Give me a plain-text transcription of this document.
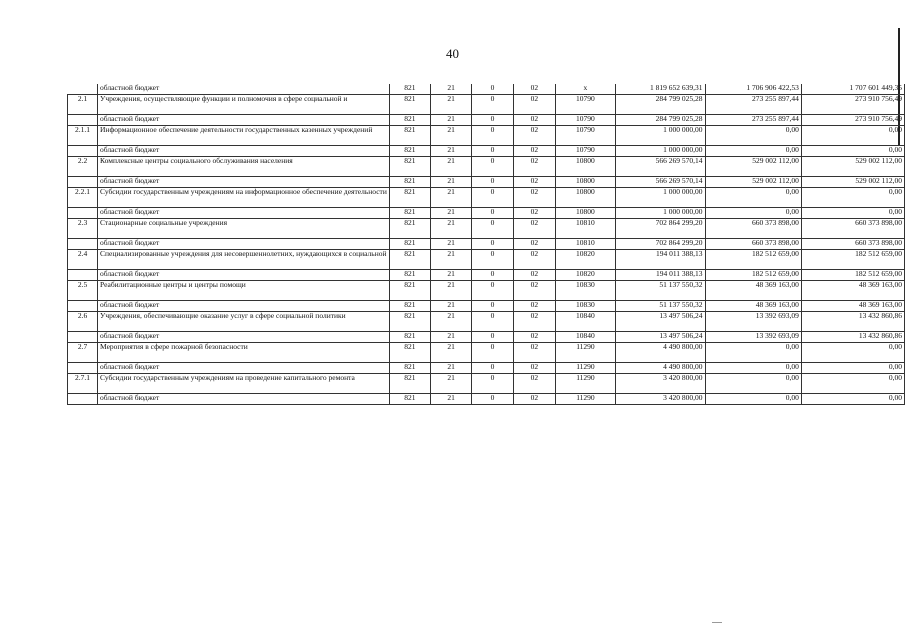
40
	областной бюджет	821	21	0	02	х	1 819 652 639,31	1 706 906 422,53	1 707 601 449,35
2.1	Учреждения, осуществляющие функции и полномочия в сфере социальной и	821	21	0	02	10790	284 799 025,28	273 255 897,44	273 910 756,49
	областной бюджет	821	21	0	02	10790	284 799 025,28	273 255 897,44	273 910 756,49
2.1.1	Информационное обеспечение деятельности государственных казенных учреждений	821	21	0	02	10790	1 000 000,00	0,00	0,00
	областной бюджет	821	21	0	02	10790	1 000 000,00	0,00	0,00
2.2	Комплексные центры социального обслуживания населения	821	21	0	02	10800	566 269 570,14	529 002 112,00	529 002 112,00
	областной бюджет	821	21	0	02	10800	566 269 570,14	529 002 112,00	529 002 112,00
2.2.1	Субсидии государственным учреждениям на информационное обеспечение деятельности	821	21	0	02	10800	1 000 000,00	0,00	0,00
	областной бюджет	821	21	0	02	10800	1 000 000,00	0,00	0,00
2.3	Стационарные социальные учреждения	821	21	0	02	10810	702 864 299,20	660 373 898,00	660 373 898,00
	областной бюджет	821	21	0	02	10810	702 864 299,20	660 373 898,00	660 373 898,00
2.4	Специализированные учреждения для несовершеннолетних, нуждающихся в социальной	821	21	0	02	10820	194 011 388,13	182 512 659,00	182 512 659,00
	областной бюджет	821	21	0	02	10820	194 011 388,13	182 512 659,00	182 512 659,00
2.5	Реабилитационные центры и центры помощи	821	21	0	02	10830	51 137 550,32	48 369 163,00	48 369 163,00
	областной бюджет	821	21	0	02	10830	51 137 550,32	48 369 163,00	48 369 163,00
2.6	Учреждения, обеспечивающие оказание услуг в сфере социальной политики	821	21	0	02	10840	13 497 506,24	13 392 693,09	13 432 860,86
	областной бюджет	821	21	0	02	10840	13 497 506,24	13 392 693,09	13 432 860,86
2.7	Мероприятия в сфере пожарной безопасности	821	21	0	02	11290	4 490 800,00	0,00	0,00
	областной бюджет	821	21	0	02	11290	4 490 800,00	0,00	0,00
2.7.1	Субсидии государственным учреждениям на проведение капитального ремонта	821	21	0	02	11290	3 420 800,00	0,00	0,00
	областной бюджет	821	21	0	02	11290	3 420 800,00	0,00	0,00
